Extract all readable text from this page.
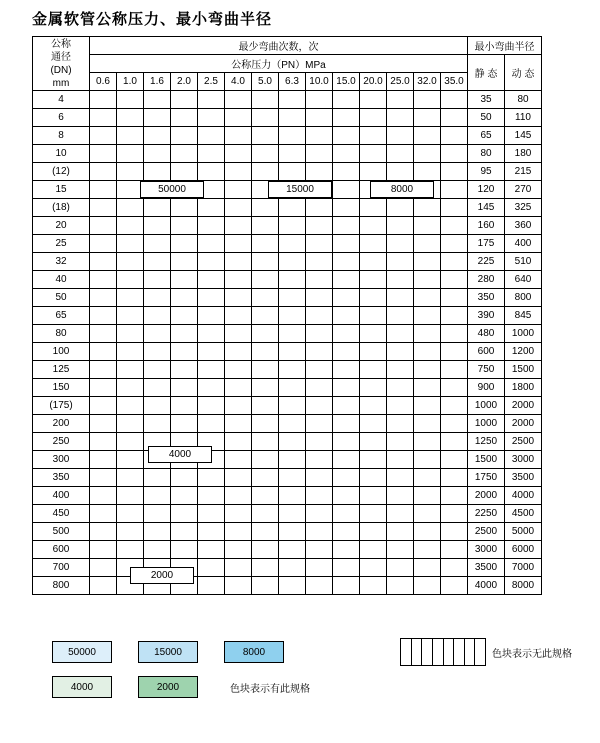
金属软管公称压力、最小弯曲半径
公称
通径
(DN)
mm	最少弯曲次数，次														最小弯曲半径	
	公称压力（PN）MPa														静 态	动 态
	0.6	1.0	1.6	2.0	2.5	4.0	5.0	6.3	10.0	15.0	20.0	25.0	32.0	35.0		
4															35	80
6															50	110
8															65	145
10															80	180
(12)															95	215
15															120	270
(18)															145	325
20															160	360
25															175	400
32															225	510
40															280	640
50															350	800
65															390	845
80															480	1000
100															600	1200
125															750	1500
150															900	1800
(175)															1000	2000
200															1000	2000
250															1250	2500
300															1500	3000
350															1750	3500
400															2000	4000
450															2250	4500
500															2500	5000
600															3000	6000
700															3500	7000
800															4000	8000
50000	15000	8000
4000
2000
50000	15000	8000	色块表示无此规格
4000	2000	色块表示有此规格
